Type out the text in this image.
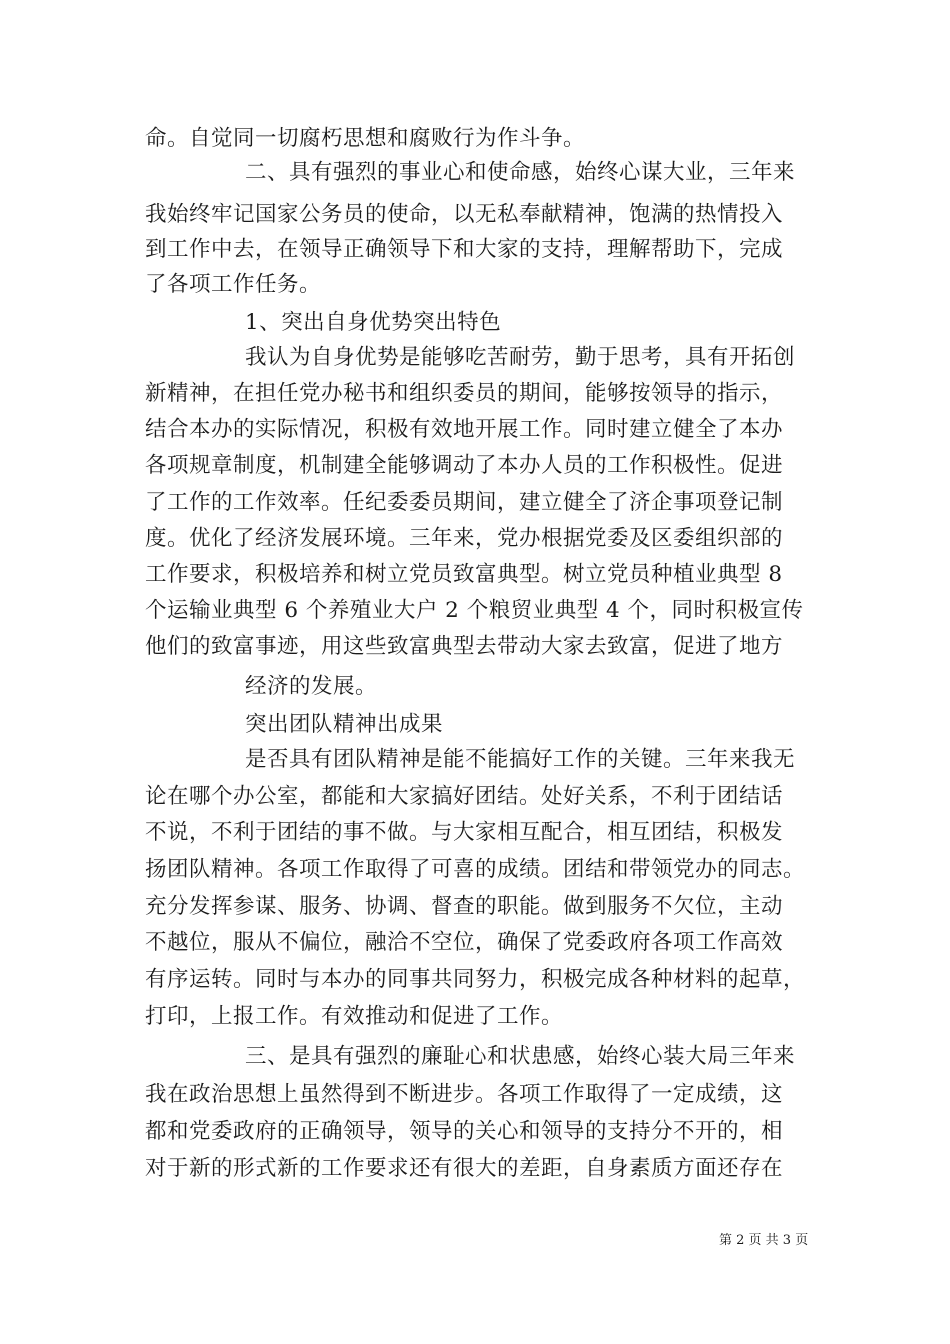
命。自觉同一切腐朽思想和腐败行为作斗争。
二、具有强烈的事业心和使命感，始终心谋大业，三年来
我始终牢记国家公务员的使命，以无私奉献精神，饱满的热情投入
到工作中去，在领导正确领导下和大家的支持，理解帮助下，完成
了各项工作任务。
1、突出自身优势突出特色
我认为自身优势是能够吃苦耐劳，勤于思考，具有开拓创
新精神，在担任党办秘书和组织委员的期间，能够按领导的指示，
结合本办的实际情况，积极有效地开展工作。同时建立健全了本办
各项规章制度，机制建全能够调动了本办人员的工作积极性。促进
了工作的工作效率。任纪委委员期间，建立健全了济企事项登记制
度。优化了经济发展环境。三年来，党办根据党委及区委组织部的
工作要求，积极培养和树立党员致富典型。树立党员种植业典型 8
个运输业典型 6 个养殖业大户 2 个粮贸业典型 4 个，同时积极宣传
他们的致富事迹，用这些致富典型去带动大家去致富，促进了地方
经济的发展。
突出团队精神出成果
是否具有团队精神是能不能搞好工作的关键。三年来我无
论在哪个办公室，都能和大家搞好团结。处好关系，不利于团结话
不说，不利于团结的事不做。与大家相互配合，相互团结，积极发
扬团队精神。各项工作取得了可喜的成绩。团结和带领党办的同志。
充分发挥参谋、服务、协调、督查的职能。做到服务不欠位，主动
不越位，服从不偏位，融洽不空位，确保了党委政府各项工作高效
有序运转。同时与本办的同事共同努力，积极完成各种材料的起草，
打印，上报工作。有效推动和促进了工作。
三、是具有强烈的廉耻心和状患感，始终心装大局三年来
我在政治思想上虽然得到不断进步。各项工作取得了一定成绩，这
都和党委政府的正确领导，领导的关心和领导的支持分不开的，相
对于新的形式新的工作要求还有很大的差距，自身素质方面还存在
第 2 页 共 3 页
